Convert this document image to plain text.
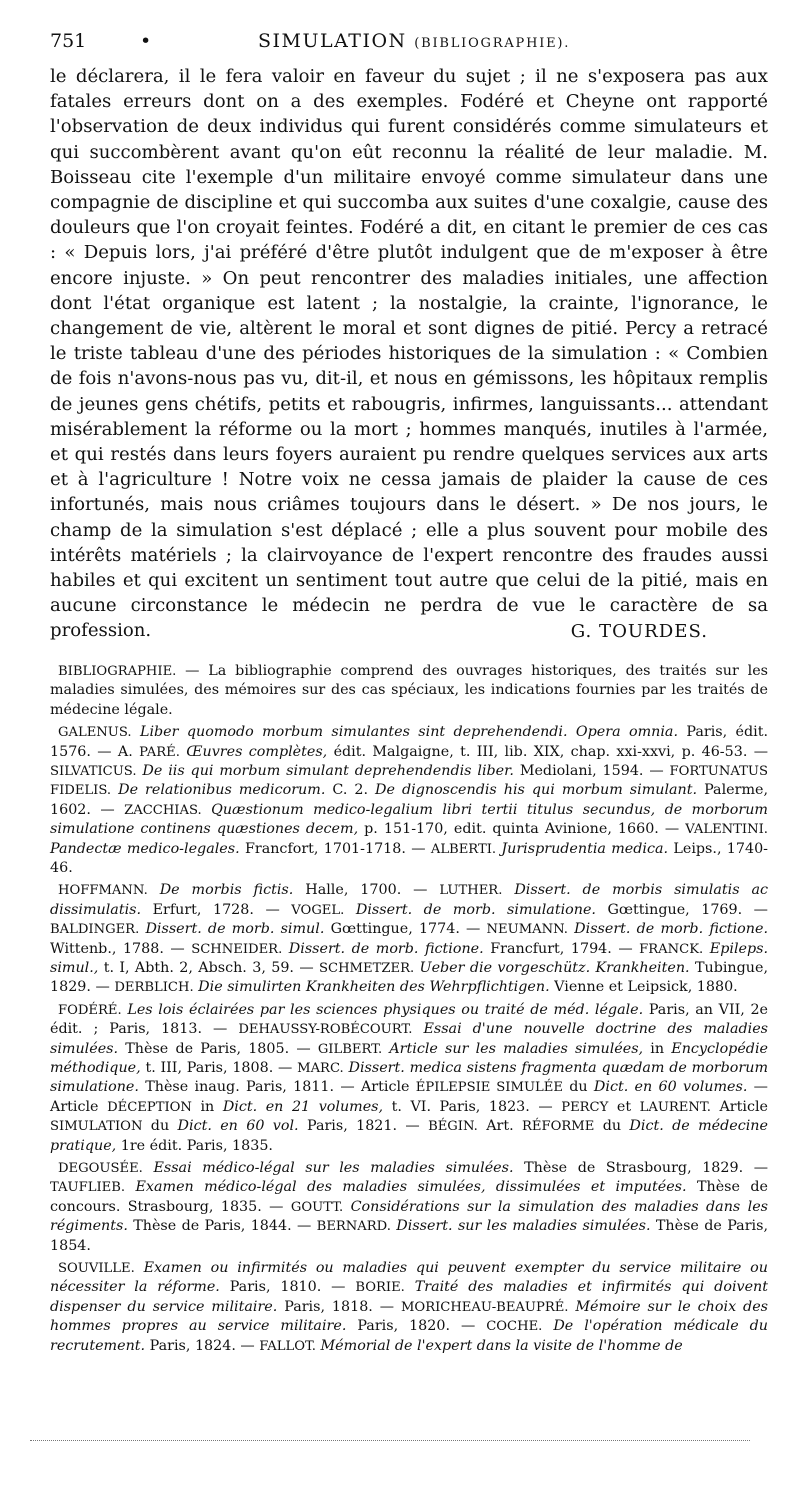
751	•	SIMULATION (BIBLIOGRAPHIE).

le déclarera, il le fera valoir en faveur du sujet ; il ne s'exposera pas aux fatales erreurs dont on a des exemples. Fodéré et Cheyne ont rapporté l'observation de deux individus qui furent considérés comme simulateurs et qui succombèrent avant qu'on eût reconnu la réalité de leur maladie. M. Boisseau cite l'exemple d'un militaire envoyé comme simulateur dans une compagnie de discipline et qui succomba aux suites d'une coxalgie, cause des douleurs que l'on croyait feintes. Fodéré a dit, en citant le premier de ces cas : « Depuis lors, j'ai préféré d'être plutôt indulgent que de m'exposer à être encore injuste. » On peut rencontrer des maladies initiales, une affection dont l'état organique est latent ; la nostalgie, la crainte, l'ignorance, le changement de vie, altèrent le moral et sont dignes de pitié. Percy a retracé le triste tableau d'une des périodes historiques de la simulation : « Combien de fois n'avons-nous pas vu, dit-il, et nous en gémissons, les hôpitaux remplis de jeunes gens chétifs, petits et rabougris, infirmes, languissants... attendant misérablement la réforme ou la mort ; hommes manqués, inutiles à l'armée, et qui restés dans leurs foyers auraient pu rendre quelques services aux arts et à l'agriculture ! Notre voix ne cessa jamais de plaider la cause de ces infortunés, mais nous criâmes toujours dans le désert. » De nos jours, le champ de la simulation s'est déplacé ; elle a plus souvent pour mobile des intérêts matériels ; la clairvoyance de l'expert rencontre des fraudes aussi habiles et qui excitent un sentiment tout autre que celui de la pitié, mais en aucune circonstance le médecin ne perdra de vue le caractère de sa profession.	G. TOURDES.

BIBLIOGRAPHIE. — La bibliographie comprend des ouvrages historiques, des traités sur les maladies simulées, des mémoires sur des cas spéciaux, les indications fournies par les traités de médecine légale.

GALENUS. Liber quomodo morbum simulantes sint deprehendendi. Opera omnia. Paris, édit. 1576. — A. PARÉ. Œuvres complètes, édit. Malgaigne, t. III, lib. XIX, chap. xxi-xxvi, p. 46-53. — SILVATICUS. De iis qui morbum simulant deprehendendis liber. Mediolani, 1594. — FORTUNATUS FIDELIS. De relationibus medicorum. C. 2. De dignoscendis his qui morbum simulant. Palerme, 1602. — ZACCHIAS. Quæstionum medico-legalium libri tertii titulus secundus, de morborum simulatione continens quæstiones decem, p. 151-170, edit. quinta Avinione, 1660. — VALENTINI. Pandectæ medico-legales. Francfort, 1701-1718. — ALBERTI. Jurisprudentia medica. Leips., 1740-46.

HOFFMANN. De morbis fictis. Halle, 1700. — LUTHER. Dissert. de morbis simulatis ac dissimulatis. Erfurt, 1728. — VOGEL. Dissert. de morb. simulatione. Gœttingue, 1769. — BALDINGER. Dissert. de morb. simul. Gœttingue, 1774. — NEUMANN. Dissert. de morb. fictione. Wittenb., 1788. — SCHNEIDER. Dissert. de morb. fictione. Francfurt, 1794. — FRANCK. Epileps. simul., t. I, Abth. 2, Absch. 3, 59. — SCHMETZER. Ueber die vorgeschütz. Krankheiten. Tubingue, 1829. — DERBLICH. Die simulirten Krankheiten des Wehrpflichtigen. Vienne et Leipsick, 1880.

FODÉRÉ. Les lois éclairées par les sciences physiques ou traité de méd. légale. Paris, an VII, 2e édit. ; Paris, 1813. — DEHAUSSY-ROBÉCOURT. Essai d'une nouvelle doctrine des maladies simulées. Thèse de Paris, 1805. — GILBERT. Article sur les maladies simulées, in Encyclopédie méthodique, t. III, Paris, 1808. — MARC. Dissert. medica sistens fragmenta quædam de morborum simulatione. Thèse inaug. Paris, 1811. — Article ÉPILEPSIE SIMULÉE du Dict. en 60 volumes. — Article DÉCEPTION in Dict. en 21 volumes, t. VI. Paris, 1823. — PERCY et LAURENT. Article SIMULATION du Dict. en 60 vol. Paris, 1821. — BÉGIN. Art. RÉFORME du Dict. de médecine pratique, 1re édit. Paris, 1835.

DEGOUSÉE. Essai médico-légal sur les maladies simulées. Thèse de Strasbourg, 1829. — TAUFLIEB. Examen médico-légal des maladies simulées, dissimulées et imputées. Thèse de concours. Strasbourg, 1835. — GOUTT. Considérations sur la simulation des maladies dans les régiments. Thèse de Paris, 1844. — BERNARD. Dissert. sur les maladies simulées. Thèse de Paris, 1854.

SOUVILLE. Examen ou infirmités ou maladies qui peuvent exempter du service militaire ou nécessiter la réforme. Paris, 1810. — BORIE. Traité des maladies et infirmités qui doivent dispenser du service militaire. Paris, 1818. — MORICHEAU-BEAUPRÉ. Mémoire sur le choix des hommes propres au service militaire. Paris, 1820. — COCHE. De l'opération médicale du recrutement. Paris, 1824. — FALLOT. Mémorial de l'expert dans la visite de l'homme de
